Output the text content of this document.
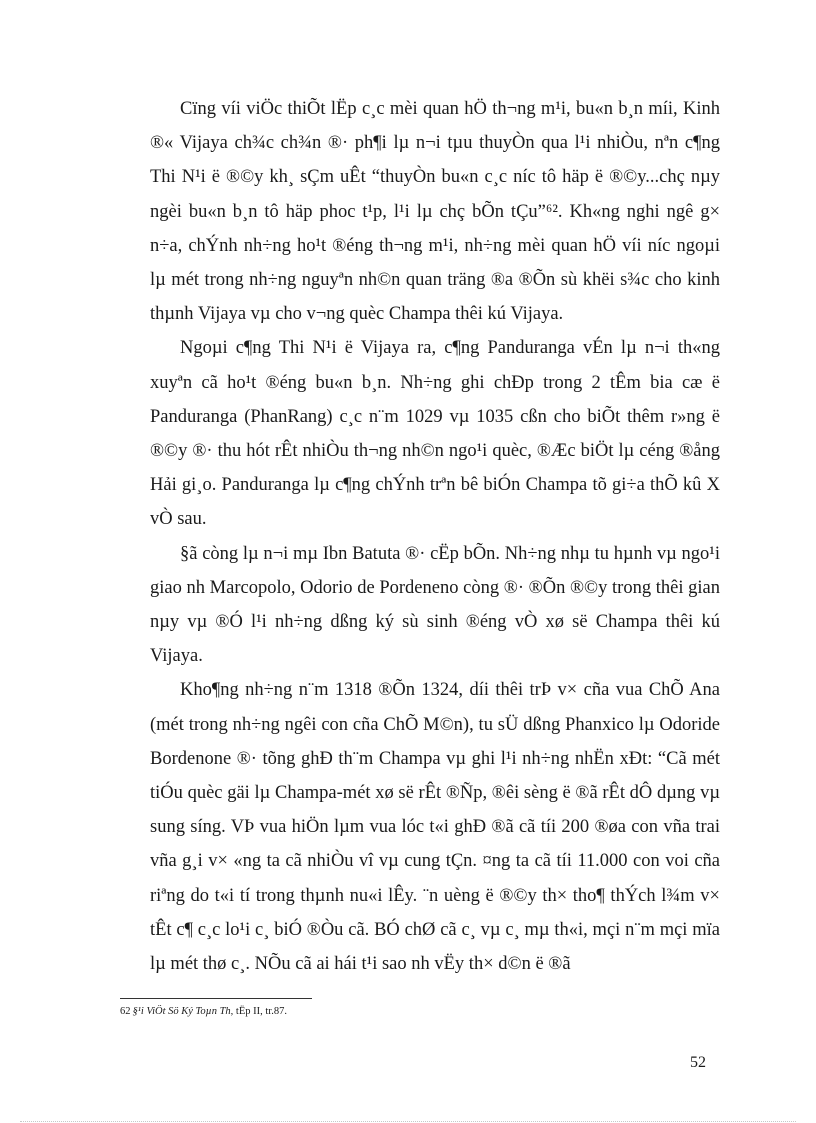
Cïng víi viÖc thiÕt lËp c¸c mèi quan hÖ th¬ng m¹i, bu«n b¸n míi, Kinh ®« Vijaya ch¾c ch¾n ®· ph¶i lµ n¬i tµu thuyÒn qua l¹i nhiÒu, nªn c¶ng Thi N¹i ë ®©y kh¸ sÇm uÊt “thuyÒn bu«n c¸c níc tô häp ë ®©y...chç nµy ngèi bu«n b¸n tô häp phoc t¹p, l¹i lµ chç bÕn tÇu”⁶². Kh«ng nghi ngê g× n÷a, chÝnh nh÷ng ho¹t ®éng th¬ng m¹i, nh÷ng mèi quan hÖ víi níc ngoµi lµ mét trong nh÷ng nguyªn nh©n quan träng ®a ®Õn sù khëi s¾c cho kinh thµnh Vijaya vµ cho v¬ng quèc Champa thêi kú Vijaya.

Ngoµi c¶ng Thi N¹i ë Vijaya ra, c¶ng Panduranga vÉn lµ n¬i th«ng xuyªn cã ho¹t ®éng bu«n b¸n. Nh÷ng ghi chÐp trong 2 tÊm bia cæ ë Panduranga (PhanRang) c¸c n¨m 1029 vµ 1035 cßn cho biÕt thêm r»ng ë ®©y ®· thu hót rÊt nhiÒu th¬ng nh©n ngo¹i quèc, ®Æc biÖt lµ céng ®ång Hải gi¸o. Panduranga lµ c¶ng chÝnh trªn bê biÓn Champa tõ gi÷a thÕ kû X vÒ sau.

§ã còng lµ n¬i mµ Ibn Batuta ®· cËp bÕn. Nh÷ng nhµ tu hµnh vµ ngo¹i giao nh Marcopolo, Odorio de Pordeneno còng ®· ®Õn ®©y trong thêi gian nµy vµ ®Ó l¹i nh÷ng dßng ký sù sinh ®éng vÒ xø së Champa thêi kú Vijaya.

Kho¶ng nh÷ng n¨m 1318 ®Õn 1324, díi thêi trÞ v× cña vua ChÕ Ana (mét trong nh÷ng ngêi con cña ChÕ M©n), tu sÜ dßng Phanxico lµ Odoride Bordenone ®· tõng ghÐ th¨m Champa vµ ghi l¹i nh÷ng nhËn xÐt: “Cã mét tiÓu quèc gäi lµ Champa-mét xø së rÊt ®Ñp, ®êi sèng ë ®ã rÊt dÔ dµng vµ sung síng. VÞ vua hiÖn lµm vua lóc t«i ghÐ ®ã cã tíi 200 ®øa con vña trai vña g¸i v× «ng ta cã nhiÒu vî vµ cung tÇn. ¤ng ta cã tíi 11.000 con voi cña riªng do t«i tí trong thµnh nu«i lÊy. ¨n uèng ë ®©y th× tho¶ thÝch l¾m v× tÊt c¶ c¸c lo¹i c¸ biÓ ®Òu cã. BÓ chØ cã c¸ vµ c¸ mµ th«i, mçi n¨m mçi mïa lµ mét thø c¸. NÕu cã ai hái t¹i sao nh vËy th× d©n ë ®ã

62 §¹i ViÖt Sö Ký Toµn Th, tËp II, tr.87.
52
